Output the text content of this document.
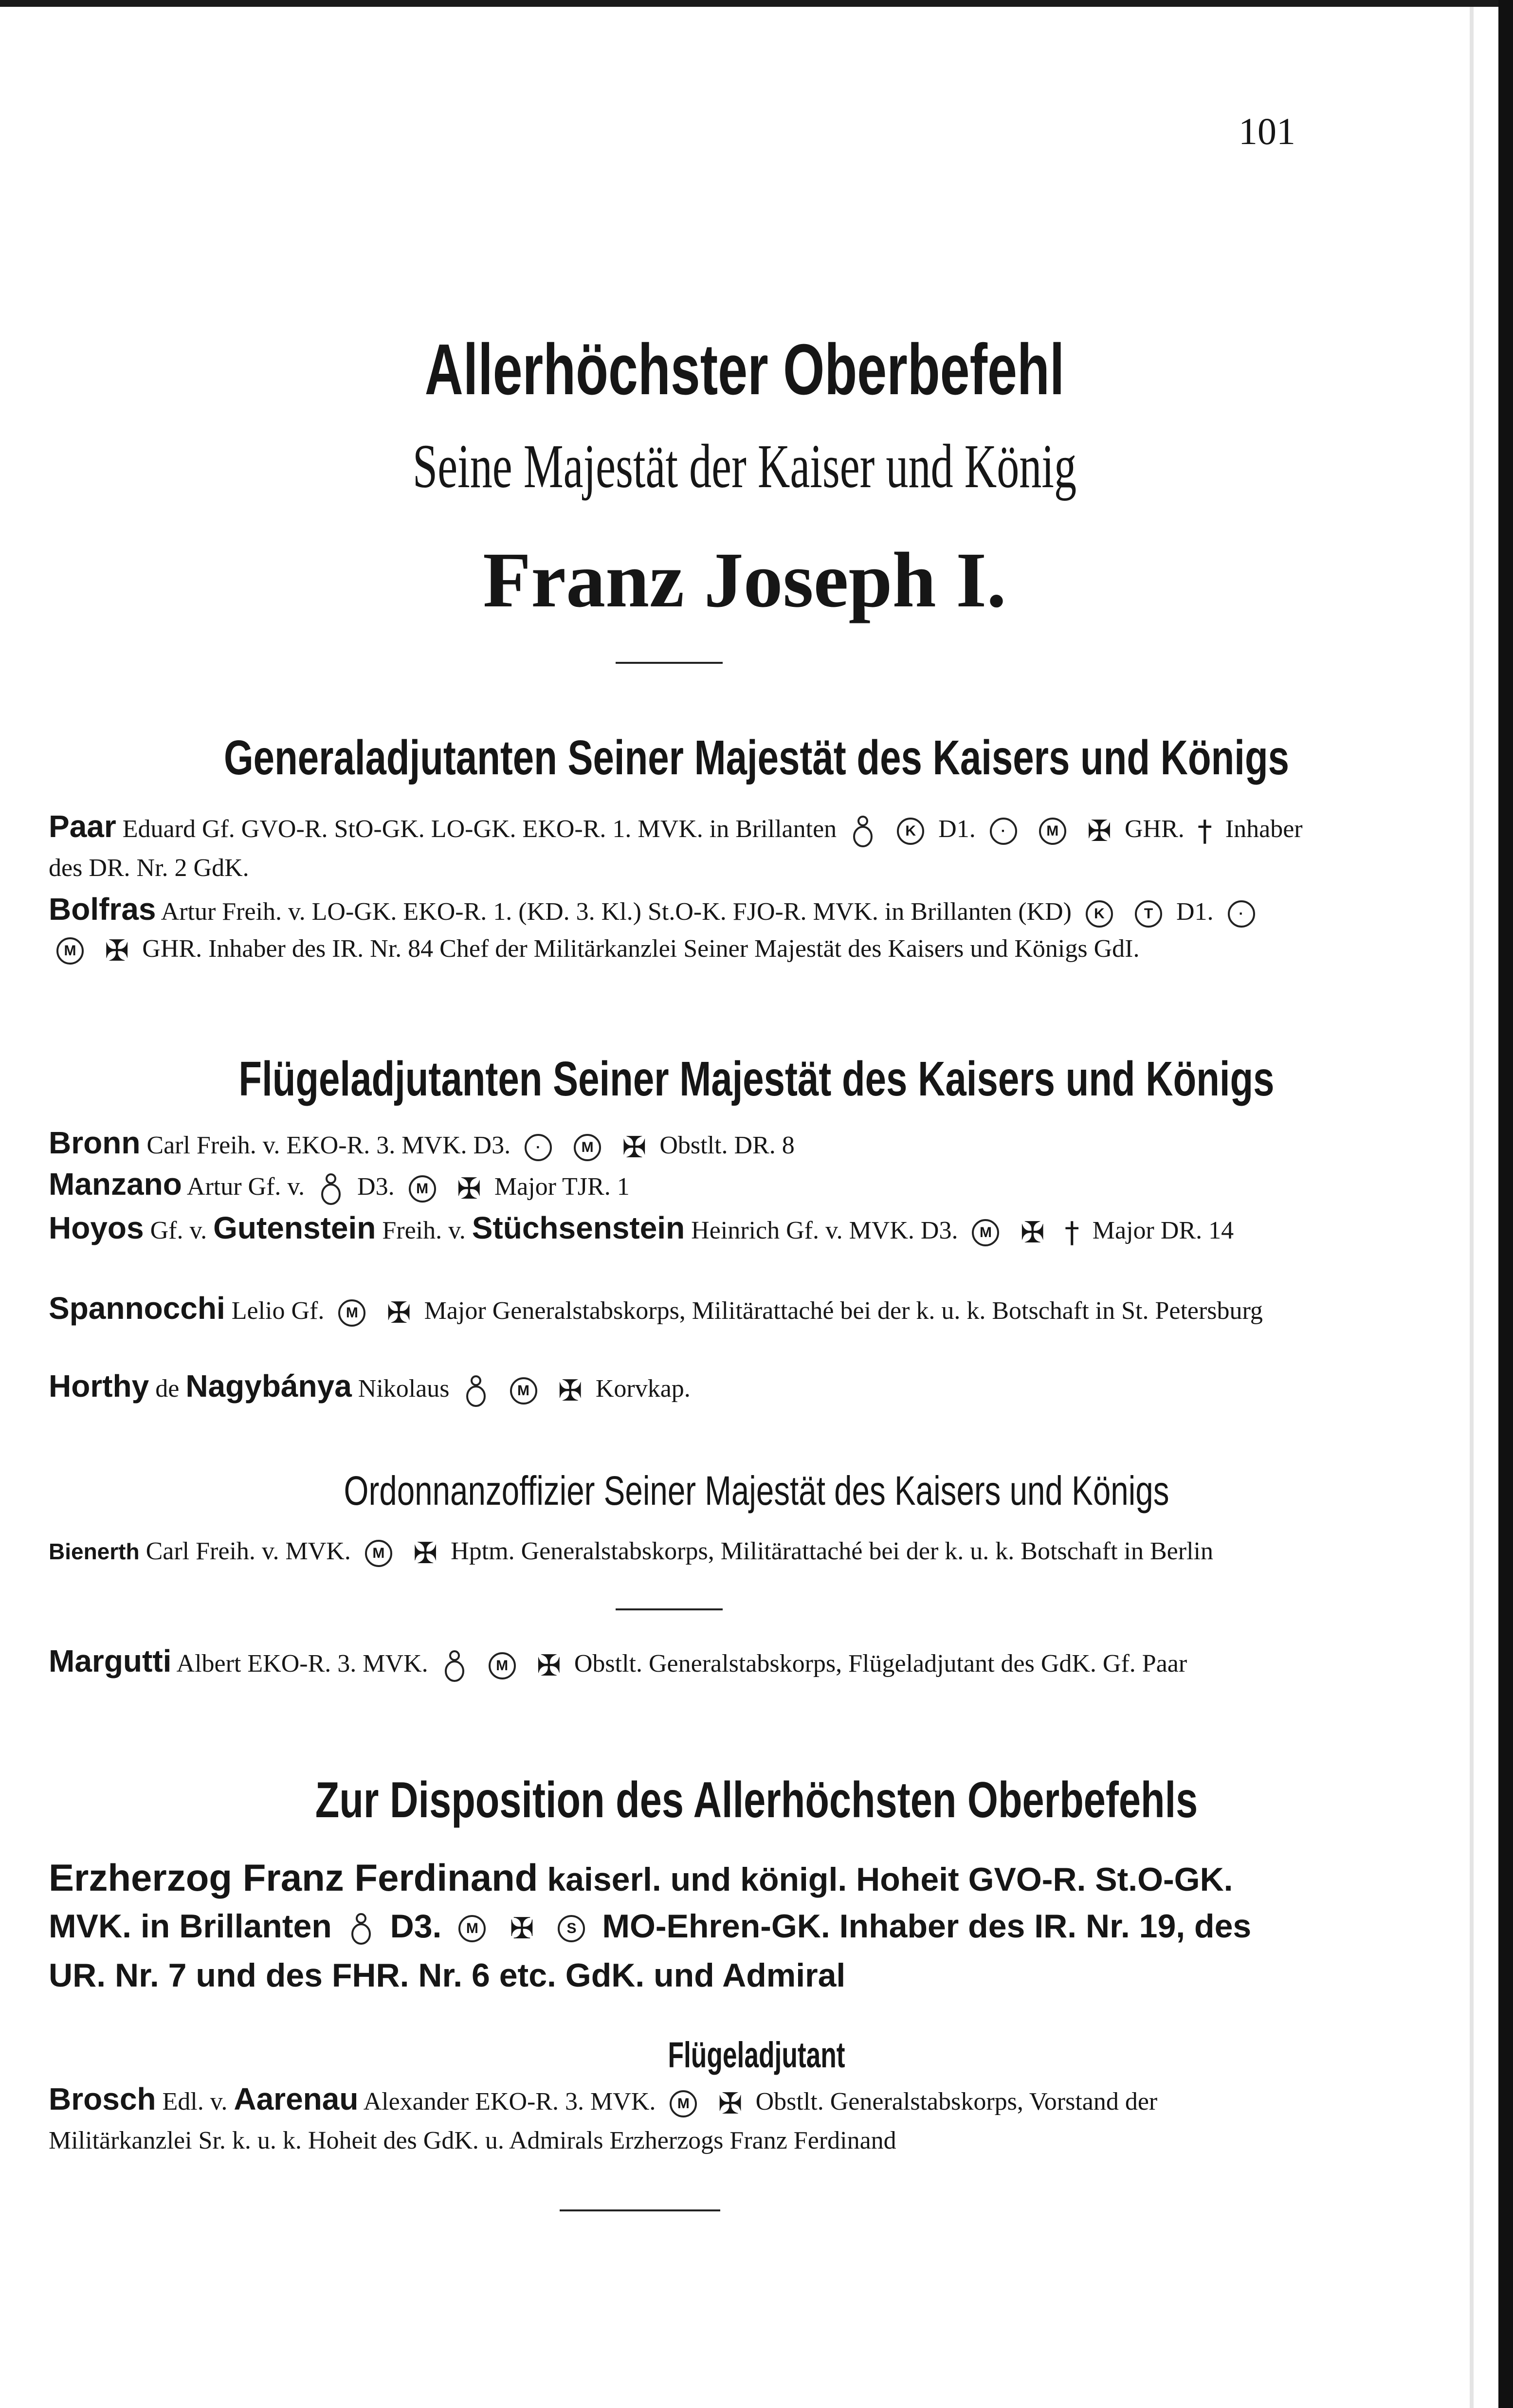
101
Allerhöchster Oberbefehl
Seine Majestät der Kaiser und König
Franz Joseph I.
Generaladjutanten Seiner Majestät des Kaisers und Königs
Paar Eduard Gf. GVO-R. StO-GK. LO-GK. EKO-R. 1. MVK. in Brillanten	K D1. ·	M ✠ GHR. † Inhaber des DR. Nr. 2 GdK.
Bolfras Artur Freih. v. LO-GK. EKO-R. 1. (KD. 3. Kl.) St.O-K. FJO-R. MVK. in Brillanten (KD) K	T D1. · M ✠ GHR. Inhaber des IR. Nr. 84 Chef der Militärkanzlei Seiner Majestät des Kaisers und Königs GdI.
Flügeladjutanten Seiner Majestät des Kaisers und Königs
Bronn Carl Freih. v. EKO-R. 3. MVK. D3. ·	M ✠ Obstlt. DR. 8
Manzano Artur Gf. v.  D3. M ✠ Major TJR. 1
Hoyos Gf. v. Gutenstein Freih. v. Stüchsenstein Heinrich Gf. v. MVK. D3. M ✠ † Major DR. 14
Spannocchi Lelio Gf. M ✠ Major Generalstabskorps, Militärattaché bei der k. u. k. Botschaft in St. Petersburg
Horthy de Nagybánya Nikolaus	M ✠ Korvkap.
Ordonnanzoffizier Seiner Majestät des Kaisers und Königs
Bienerth Carl Freih. v. MVK. M ✠ Hptm. Generalstabskorps, Militärattaché bei der k. u. k. Botschaft in Berlin
Margutti Albert EKO-R. 3. MVK.	M ✠ Obstlt. Generalstabskorps, Flügeladjutant des GdK. Gf. Paar
Zur Disposition des Allerhöchsten Oberbefehls
Erzherzog Franz Ferdinand kaiserl. und königl. Hoheit GVO-R. St.O-GK. MVK. in Brillanten  D3. M ✠ S MO-Ehren-GK. Inhaber des IR. Nr. 19, des UR. Nr. 7 und des FHR. Nr. 6 etc. GdK. und Admiral
Flügeladjutant
Brosch Edl. v. Aarenau Alexander EKO-R. 3. MVK. M ✠ Obstlt. Generalstabskorps, Vorstand der Militärkanzlei Sr. k. u. k. Hoheit des GdK. u. Admirals Erzherzogs Franz Ferdinand
